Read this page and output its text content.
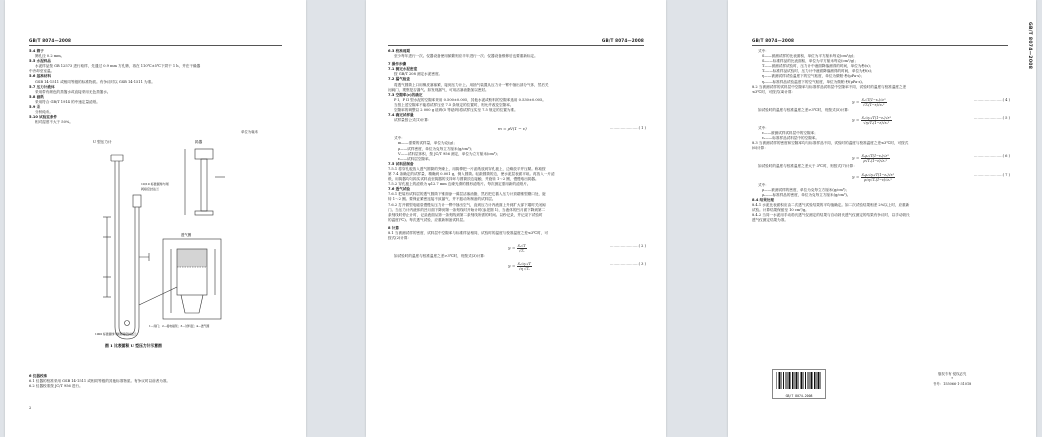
GB/T 8074—2008

5.4 筛子

筛孔径 0.2 mm。

5.5 水泥样品

水泥样品按 GB 12573 进行取样，先通过 0.9 mm 方孔筛，再在 110℃±5℃下烘干 1 h，并在干燥器

中冷却至室温。

5.6 基准材料

GSB 14-1511 或相同等级的标准物质。有争议时以 GSB 14-1511 为准。

5.7 压力计液体

采用带有颜色的蒸馏水或直接采用无色蒸馏水。

5.8 滤纸

采用符合 GB/T 1914 的中速定量滤纸。

5.9 汞

分析纯汞。

5.10 试验室条件

相对湿度不大于 50%。

单位为毫米
U 型压力计	捣器
10/10 标准圆球与闸
阀接密封法兰
透气圈
1—阀门；2—接电磁泵；3—试料层；4—透气圈
1000 标准圆球与闸阀接密封法兰
图 1 比表面积 U 型压力计示意图

6 仪器校准

6.1 仪器的校准采用 GSB 14-1511 或相同等级的其他标准物质。有争议时以前者为准。

6.2 仪器校准按 JC/T 956 进行。

2
GB/T 8074—2008

6.3 校准周期

至少每年进行一次。仪器设备使用频繁则应半年进行一次；仪器设备维修后也要重新标定。

7 操作步骤

7.1 测定水泥密度

按 GB/T 208 测定水泥密度。

7.2 漏气检查

将透气圆筒上口用橡皮塞塞紧，接到压力计上。用抽气装置从压力计一臂中抽出部分气体，然后关

闭阀门，观察是否漏气。如发现漏气，可用活塞油脂加以密封。

7.3 空隙率(ε)的确定

P I、P II 型水泥的空隙率采用 0.500±0.005，其他水泥或粉料的空隙率选用 0.530±0.005。

当按上述空隙率不能将试样压至 7.5 条规定的位置时，则允许改变空隙率。

空隙率的调整以 2 000 g 砝码(5 等砝码)将试样压实至 7.5 规定的位置为准。

7.4 确定试样量

试样量按公式(1)计算：

m = ρV(1 − ε)	……………………( 1 )

式中：

m——需要的试样量，单位为克(g)；

ρ——试样密度，单位为克每立方厘米(g/cm³)；

V——试料层体积，按 JC/T 956 测定，单位为立方厘米(cm³)；

ε——试料层空隙率。

7.5 试料层制备

7.5.1 将穿孔板放入透气圆筒的突缘上，用捣棒把一片滤纸放到穿孔板上，边缘放平并压紧。称取按

第 7.4 条确定的试样量，精确到 0.001 g，倒入圆筒。轻敲圆筒的边，使水泥层表面平坦。再放入一片滤

纸，用捣器均匀捣实试料直至捣器的支持环与圆筒顶边接触，并旋转 1～2 圈，慢慢取出捣器。

7.5.2 穿孔板上的滤纸为 φ12.7 mm 边缘光滑的圆形滤纸片。每次测定需用新的滤纸片。

7.6 透气试验

7.6.1 把装有试料层的透气圆筒下锥面涂一薄层活塞油脂，然后把它插入压力计顶端锥型磨口处，旋

转 1～2 圈。要保证紧密连接不致漏气，并不振动所制备的试料层。

7.6.2 打开微型电磁泵慢慢从压力计一臂中抽出空气，直到压力计内液面上升到扩大部下端时关闭阀

门。当压力计内液体的凹月面下降到第一条刻线时开始计时(参见图 1)，当液体的凹月面下降到第二

条刻线时停止计时，记录液面从第一条刻线到第二条刻线所需的时间。以秒记录，并记录下试验时

的温度(℃)。每次透气试验，应重新制备试料层。

8 计算

8.1 当被测试样的密度、试料层中空隙率与标准样品相同，试验时的温度与校准温度之差≤3℃时，可

按式(2)计算：

$S = \frac{\text{Sₛ√T}}{\text{√Tₛ}}$	……………………( 2 )

如试验时的温度与校准温度之差>3℃时，则按式(3)计算：

$S = \frac{\text{Sₛ√ηₛ√T}}{\text{√η √Tₛ}}$	……………………( 3 )
GB/T 8074—2008	GB/T 8074—2008

式中：

S——被测试样的比表面积，单位为平方厘米每克(cm²/g)；

Sₛ——标准样品的比表面积，单位为平方厘米每克(cm²/g)；

T——被测试样试验时，压力计中液面降落测得的时间，单位为秒(s)；

Tₛ——标准样品试验时，压力计中液面降落测得的时间，单位为秒(s)；

η——被测试样试验温度下的空气粘度，单位为微帕·秒(μPa·s)；

ηₛ——标准样品试验温度下的空气粘度，单位为微帕·秒(μPa·s)。

8.2 当被测试样的试料层中空隙率与标准样品试料层中空隙率不同，试验时的温度与校准温度之差

≤3℃时，可按式(4)计算：

$S = \frac{\text{Sₛ√T(1−εₛ)√ε³}}{\text{√Tₛ(1−ε)√εₛ³}}$	……………………( 4 )

如试验时的温度与校准温度之差>3℃时，则按式(5)计算：

$S = \frac{\text{Sₛ√ηₛ√T(1−εₛ)√ε³}}{\text{√η√Tₛ(1−ε)√εₛ³}}$	……………………( 5 )

式中：

ε——被测试样试料层中的空隙率；

εₛ——标准样品试料层中的空隙率。

8.3 当被测试样的密度和空隙率均与标准样品不同，试验时的温度与校准温度之差≤3℃时，可按式

(6)计算：

$S = \frac{\text{Sₛρₛ√T(1−εₛ)√ε³}}{\text{ρ√Tₛ(1−ε)√εₛ³}}$	……………………( 6 )

如试验时的温度与校准温度之差大于 3℃时，则按式(7)计算：

$S = \frac{\text{Sₛρₛ√ηₛ√T(1−εₛ)√ε³}}{\text{ρ√η√Tₛ(1−ε)√εₛ³}}$	……………………( 7 )

式中：

ρ——被测试样的密度，单位为克每立方厘米(g/cm³)；

ρₛ——标准样品的密度，单位为克每立方厘米(g/cm³)。

8.4 结果处理

8.4.1 水泥比表面积应由二次透气试验结果的平均值确定。如二次试验结果相差 2%以上时，应重新

试验。计算结果保留至 10 cm²/g。

8.4.2 当同一水泥用手动勃氏透气仪测定的结果与自动勃氏透气仪测定的结果有争议时，以手动勃氏

透气仪测定结果为准。

GB/T 8074-2008
版权专有 侵权必究
*
书号：155066·1-31018
